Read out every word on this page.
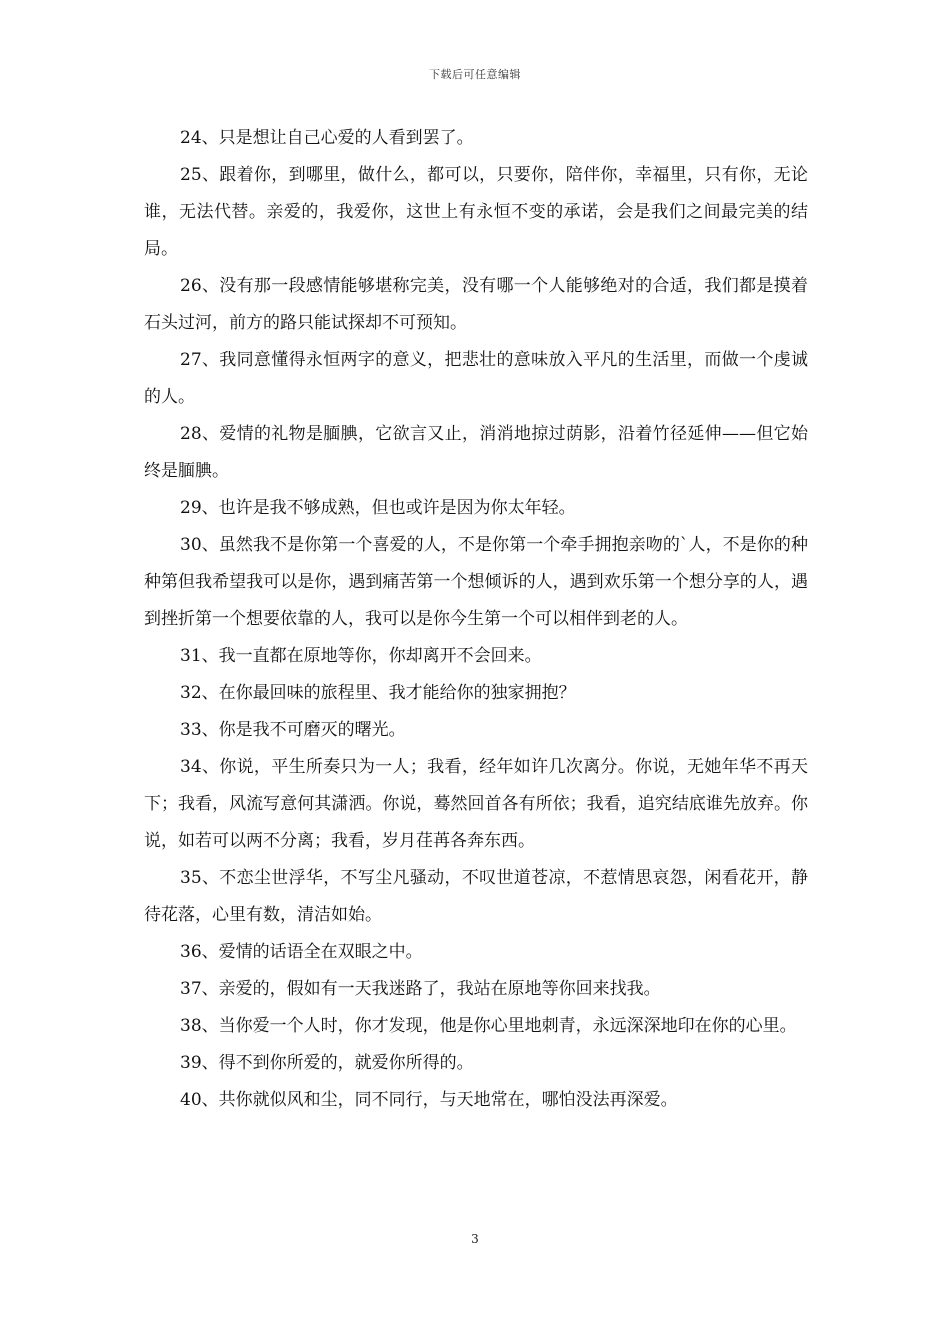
下载后可任意编辑

24、只是想让自己心爱的人看到罢了。

25、跟着你，到哪里，做什么，都可以，只要你，陪伴你，幸福里，只有你，无论谁，无法代替。亲爱的，我爱你，这世上有永恒不变的承诺，会是我们之间最完美的结局。

26、没有那一段感情能够堪称完美，没有哪一个人能够绝对的合适，我们都是摸着石头过河，前方的路只能试探却不可预知。

27、我同意懂得永恒两字的意义，把悲壮的意味放入平凡的生活里，而做一个虔诚的人。

28、爱情的礼物是腼腆，它欲言又止，消消地掠过荫影，沿着竹径延伸——但它始终是腼腆。

29、也许是我不够成熟，但也或许是因为你太年轻。

30、虽然我不是你第一个喜爱的人，不是你第一个牵手拥抱亲吻的`人，不是你的种种第但我希望我可以是你，遇到痛苦第一个想倾诉的人，遇到欢乐第一个想分享的人，遇到挫折第一个想要依靠的人，我可以是你今生第一个可以相伴到老的人。

31、我一直都在原地等你，你却离开不会回来。

32、在你最回味的旅程里、我才能给你的独家拥抱？

33、你是我不可磨灭的曙光。

34、你说，平生所奏只为一人；我看，经年如许几次离分。你说，无她年华不再天下；我看，风流写意何其潇洒。你说，蓦然回首各有所依；我看，追究结底谁先放弃。你说，如若可以两不分离；我看，岁月荏苒各奔东西。

35、不恋尘世浮华，不写尘凡骚动，不叹世道苍凉，不惹情思哀怨，闲看花开，静待花落，心里有数，清洁如始。

36、爱情的话语全在双眼之中。

37、亲爱的，假如有一天我迷路了，我站在原地等你回来找我。

38、当你爱一个人时，你才发现，他是你心里地刺青，永远深深地印在你的心里。

39、得不到你所爱的，就爱你所得的。

40、共你就似风和尘，同不同行，与天地常在，哪怕没法再深爱。

3
